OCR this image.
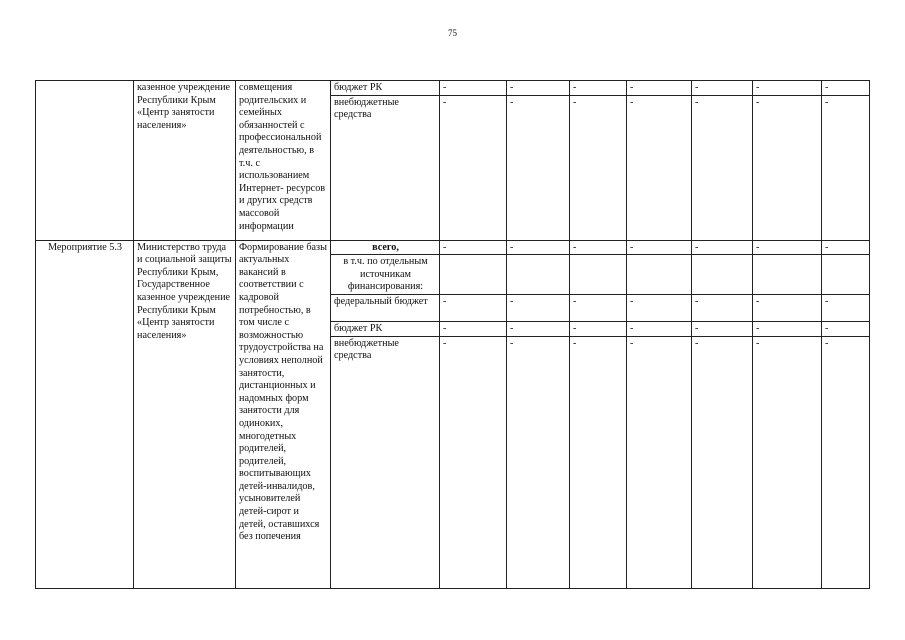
75
	казенное учреждение Республики Крым «Центр занятости населения»	совмещения родительских и семейных обязанностей с профессиональной деятельностью, в т.ч. с использованием Интернет- ресурсов и других средств массовой информации	бюджет РК	-	-	-	-	-	-	-
			внебюджетные средства	-	-	-	-	-	-	-
Мероприятие 5.3	Министерство труда и социальной защиты Республики Крым, Государственное казенное учреждение Республики Крым «Центр занятости населения»	Формирование базы актуальных вакансий в соответствии с кадровой потребностью, в том числе с возможностью трудоустройства на условиях неполной занятости, дистанционных и надомных форм занятости для одиноких, многодетных родителей, родителей, воспитывающих детей-инвалидов, усыновителей детей-сирот и детей, оставшихся без попечения	всего,	-	-	-	-	-	-	-
			в т.ч. по отдельным источникам финансирования:							
			федеральный бюджет	-	-	-	-	-	-	-
			бюджет РК	-	-	-	-	-	-	-
			внебюджетные средства	-	-	-	-	-	-	-
